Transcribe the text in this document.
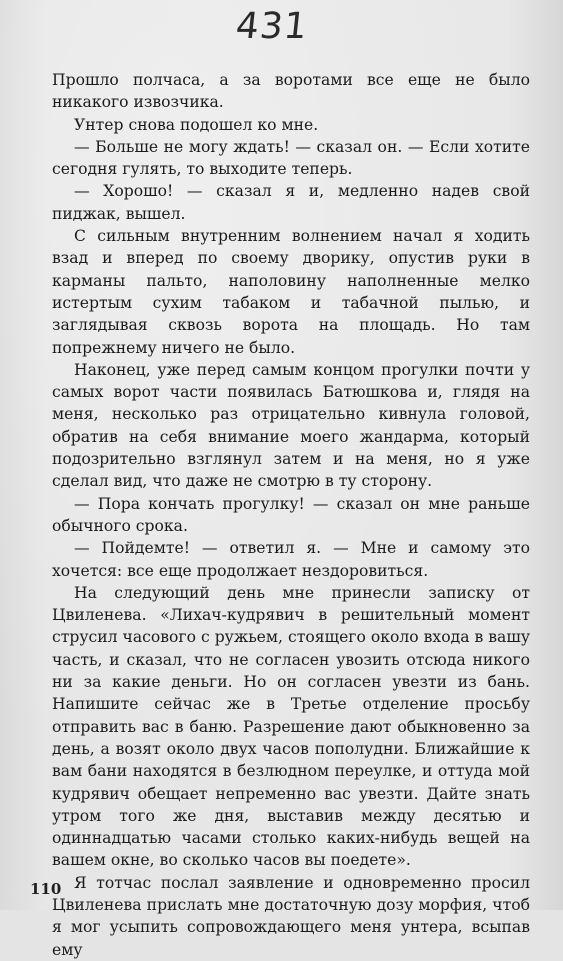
431

Прошло полчаса, а за воротами все еще не было никакого извозчика.

Унтер снова подошел ко мне.

— Больше не могу ждать! — сказал он. — Если хотите сегодня гулять, то выходите теперь.

— Хорошо! — сказал я и, медленно надев свой пиджак, вышел.

С сильным внутренним волнением начал я ходить взад и вперед по своему дворику, опустив руки в карманы пальто, наполовину наполненные мелко истертым сухим табаком и табачной пылью, и заглядывая сквозь ворота на площадь. Но там попрежнему ничего не было.

Наконец, уже перед самым концом прогулки почти у самых ворот части появилась Батюшкова и, глядя на меня, несколько раз отрицательно кивнула головой, обратив на себя внимание моего жандарма, который подозрительно взглянул затем и на меня, но я уже сделал вид, что даже не смотрю в ту сторону.

— Пора кончать прогулку! — сказал он мне раньше обычного срока.

— Пойдемте! — ответил я. — Мне и самому это хочется: все еще продолжает нездоровиться.

На следующий день мне принесли записку от Цвиленева. «Лихач-кудрявич в решительный момент струсил часового с ружьем, стоящего около входа в вашу часть, и сказал, что не согласен увозить отсюда никого ни за какие деньги. Но он согласен увезти из бань. Напишите сейчас же в Третье отделение просьбу отправить вас в баню. Разрешение дают обыкновенно за день, а возят около двух часов пополудни. Ближайшие к вам бани находятся в безлюдном переулке, и оттуда мой кудрявич обещает непременно вас увезти. Дайте знать утром того же дня, выставив между десятью и одиннадцатью часами столько каких-нибудь вещей на вашем окне, во сколько часов вы поедете».

Я тотчас послал заявление и одновременно просил Цвиленева прислать мне достаточную дозу морфия, чтоб я мог усыпить сопровождающего меня унтера, всыпав ему

110
